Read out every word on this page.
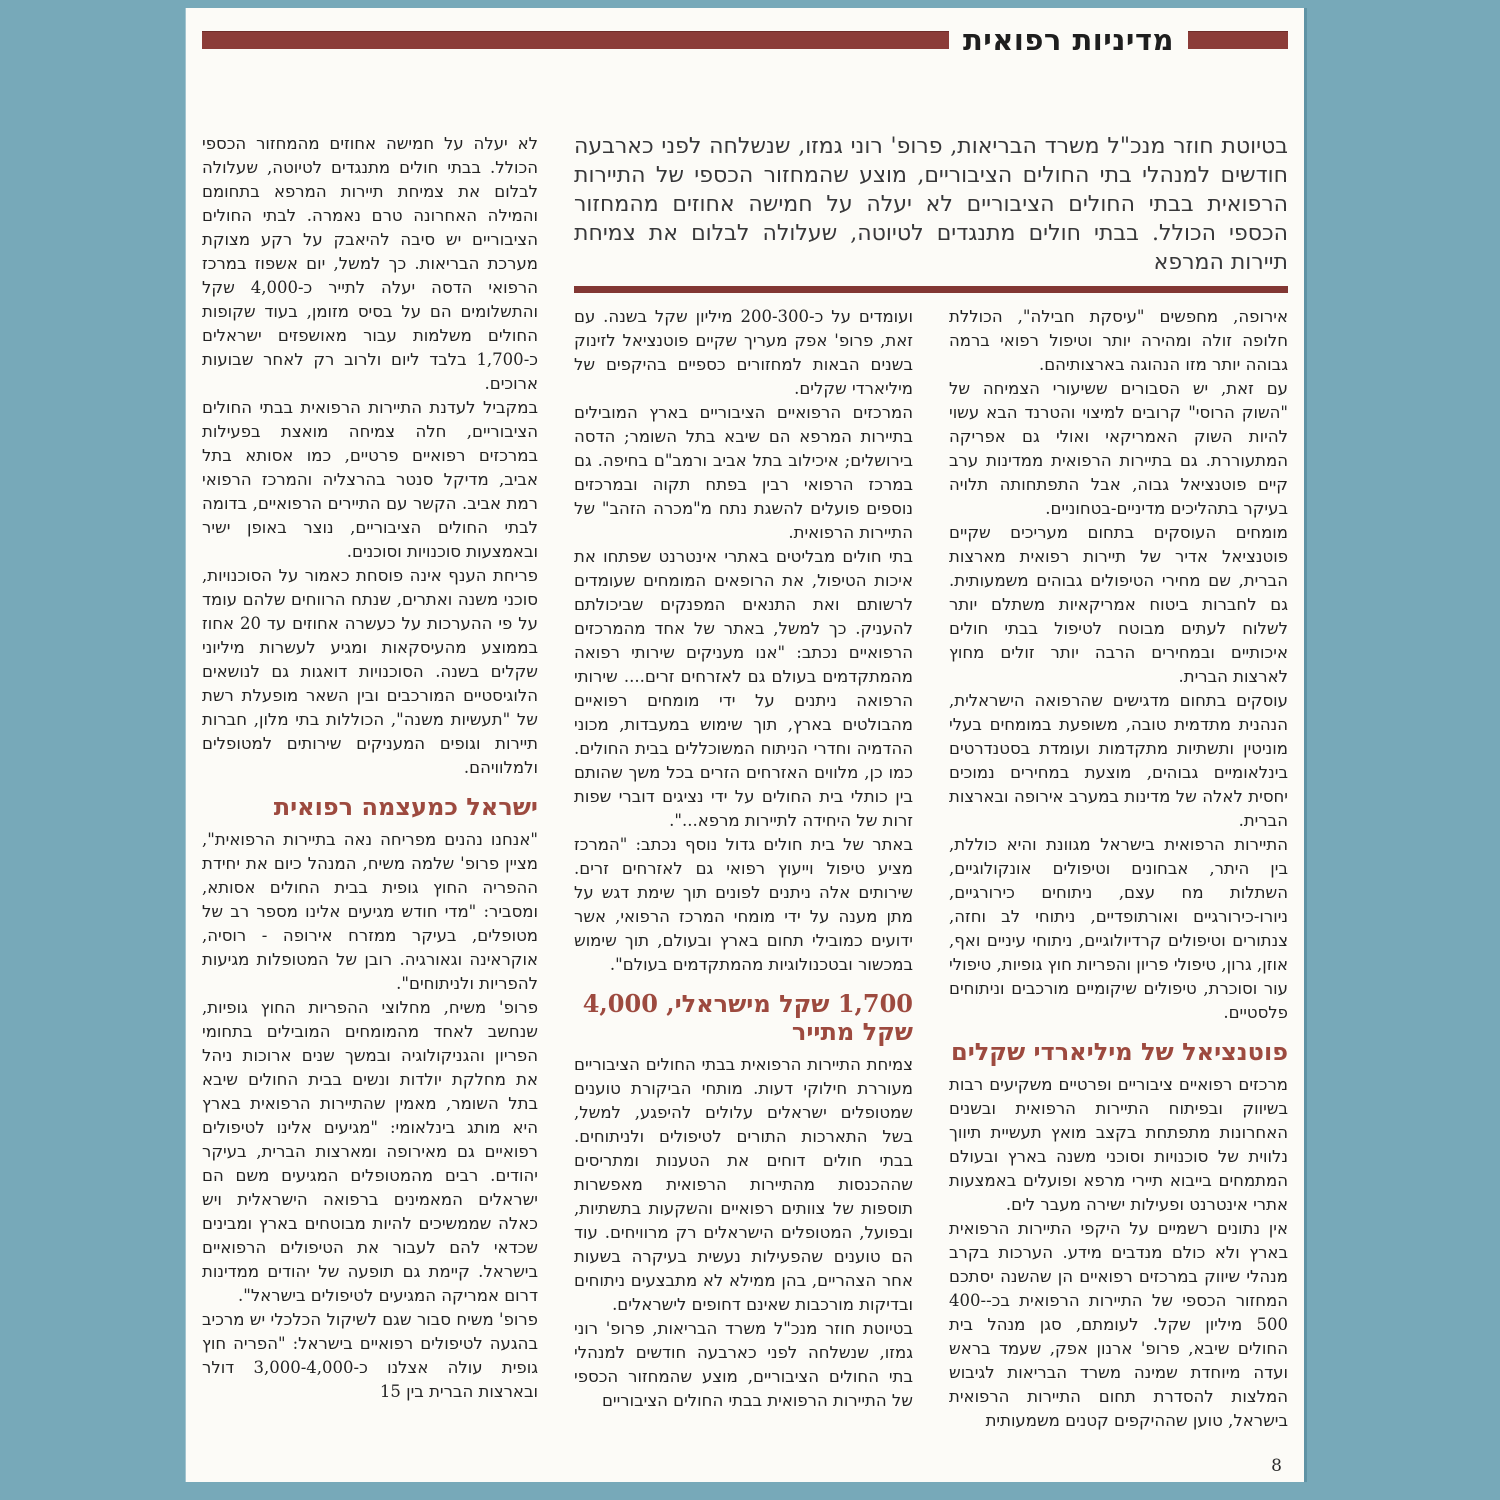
מדיניות רפואית

בטיוטת חוזר מנכ"ל משרד הבריאות, פרופ' רוני גמזו, שנשלחה לפני כארבעה חודשים למנהלי בתי החולים הציבוריים, מוצע שהמחזור הכספי של התיירות הרפואית בבתי החולים הציבוריים לא יעלה על חמישה אחוזים מהמחזור הכספי הכולל. בבתי חולים מתנגדים לטיוטה, שעלולה לבלום את צמיחת תיירות המרפא

אירופה, מחפשים "עיסקת חבילה", הכוללת חלופה זולה ומהירה יותר וטיפול רפואי ברמה גבוהה יותר מזו הנהוגה בארצותיהם.

עם זאת, יש הסבורים ששיעורי הצמיחה של "השוק הרוסי" קרובים למיצוי והטרנד הבא עשוי להיות השוק האמריקאי ואולי גם אפריקה המתעוררת. גם בתיירות הרפואית ממדינות ערב קיים פוטנציאל גבוה, אבל התפתחותה תלויה בעיקר בתהליכים מדיניים-בטחוניים.

מומחים העוסקים בתחום מעריכים שקיים פוטנציאל אדיר של תיירות רפואית מארצות הברית, שם מחירי הטיפולים גבוהים משמעותית. גם לחברות ביטוח אמריקאיות משתלם יותר לשלוח לעתים מבוטח לטיפול בבתי חולים איכותיים ובמחירים הרבה יותר זולים מחוץ לארצות הברית.

עוסקים בתחום מדגישים שהרפואה הישראלית, הנהנית מתדמית טובה, משופעת במומחים בעלי מוניטין ותשתיות מתקדמות ועומדת בסטנדרטים בינלאומיים גבוהים, מוצעת במחירים נמוכים יחסית לאלה של מדינות במערב אירופה ובארצות הברית.

התיירות הרפואית בישראל מגוונת והיא כוללת, בין היתר, אבחונים וטיפולים אונקולוגיים, השתלות מח עצם, ניתוחים כירורגיים, ניורו-כירורגיים ואורתופדיים, ניתוחי לב וחזה, צנתורים וטיפולים קרדיולוגיים, ניתוחי עיניים ואף, אוזן, גרון, טיפולי פריון והפריות חוץ גופיות, טיפולי עור וסוכרת, טיפולים שיקומיים מורכבים וניתוחים פלסטיים.

פוטנציאל של מיליארדי שקלים

מרכזים רפואיים ציבוריים ופרטיים משקיעים רבות בשיווק ובפיתוח התיירות הרפואית ובשנים האחרונות מתפתחת בקצב מואץ תעשיית תיווך נלווית של סוכנויות וסוכני משנה בארץ ובעולם המתמחים בייבוא תיירי מרפא ופועלים באמצעות אתרי אינטרנט ופעילות ישירה מעבר לים.

אין נתונים רשמיים על היקפי התיירות הרפואית בארץ ולא כולם מנדבים מידע. הערכות בקרב מנהלי שיווק במרכזים רפואיים הן שהשנה יסתכם המחזור הכספי של התיירות הרפואית בכ-400-500 מיליון שקל. לעומתם, סגן מנהל בית החולים שיבא, פרופ' ארנון אפק, שעמד בראש ועדה מיוחדת שמינה משרד הבריאות לגיבוש המלצות להסדרת תחום התיירות הרפואית בישראל, טוען שההיקפים קטנים משמעותית

ועומדים על כ-200-300 מיליון שקל בשנה. עם זאת, פרופ' אפק מעריך שקיים פוטנציאל לזינוק בשנים הבאות למחזורים כספיים בהיקפים של מיליארדי שקלים.

המרכזים הרפואיים הציבוריים בארץ המובילים בתיירות המרפא הם שיבא בתל השומר; הדסה בירושלים; איכילוב בתל אביב ורמב"ם בחיפה. גם במרכז הרפואי רבין בפתח תקוה ובמרכזים נוספים פועלים להשגת נתח מ"מכרה הזהב" של התיירות הרפואית.

בתי חולים מבליטים באתרי אינטרנט שפתחו את איכות הטיפול, את הרופאים המומחים שעומדים לרשותם ואת התנאים המפנקים שביכולתם להעניק. כך למשל, באתר של אחד מהמרכזים הרפואיים נכתב: "אנו מעניקים שירותי רפואה מהמתקדמים בעולם גם לאזרחים זרים.... שירותי הרפואה ניתנים על ידי מומחים רפואיים מהבולטים בארץ, תוך שימוש במעבדות, מכוני ההדמיה וחדרי הניתוח המשוכללים בבית החולים. כמו כן, מלווים האזרחים הזרים בכל משך שהותם בין כותלי בית החולים על ידי נציגים דוברי שפות זרות של היחידה לתיירות מרפא...".

באתר של בית חולים גדול נוסף נכתב: "המרכז מציע טיפול וייעוץ רפואי גם לאזרחים זרים. שירותים אלה ניתנים לפונים תוך שימת דגש על מתן מענה על ידי מומחי המרכז הרפואי, אשר ידועים כמובילי תחום בארץ ובעולם, תוך שימוש במכשור ובטכנולוגיות מהמתקדמים בעולם".

1,700 שקל מישראלי, 4,000 שקל מתייר

צמיחת התיירות הרפואית בבתי החולים הציבוריים מעוררת חילוקי דעות. מותחי הביקורת טוענים שמטופלים ישראלים עלולים להיפגע, למשל, בשל התארכות התורים לטיפולים ולניתוחים. בבתי חולים דוחים את הטענות ומתריסים שההכנסות מהתיירות הרפואית מאפשרות תוספות של צוותים רפואיים והשקעות בתשתיות, ובפועל, המטופלים הישראלים רק מרוויחים. עוד הם טוענים שהפעילות נעשית בעיקרה בשעות אחר הצהריים, בהן ממילא לא מתבצעים ניתוחים ובדיקות מורכבות שאינם דחופים לישראלים.

בטיוטת חוזר מנכ"ל משרד הבריאות, פרופ' רוני גמזו, שנשלחה לפני כארבעה חודשים למנהלי בתי החולים הציבוריים, מוצע שהמחזור הכספי של התיירות הרפואית בבתי החולים הציבוריים

לא יעלה על חמישה אחוזים מהמחזור הכספי הכולל. בבתי חולים מתנגדים לטיוטה, שעלולה לבלום את צמיחת תיירות המרפא בתחומם והמילה האחרונה טרם נאמרה. לבתי החולים הציבוריים יש סיבה להיאבק על רקע מצוקת מערכת הבריאות. כך למשל, יום אשפוז במרכז הרפואי הדסה יעלה לתייר כ-4,000 שקל והתשלומים הם על בסיס מזומן, בעוד שקופות החולים משלמות עבור מאושפזים ישראלים כ-1,700 בלבד ליום ולרוב רק לאחר שבועות ארוכים.

במקביל לעדנת התיירות הרפואית בבתי החולים הציבוריים, חלה צמיחה מואצת בפעילות במרכזים רפואיים פרטיים, כמו אסותא בתל אביב, מדיקל סנטר בהרצליה והמרכז הרפואי רמת אביב. הקשר עם התיירים הרפואיים, בדומה לבתי החולים הציבוריים, נוצר באופן ישיר ובאמצעות סוכנויות וסוכנים.

פריחת הענף אינה פוסחת כאמור על הסוכנויות, סוכני משנה ואתרים, שנתח הרווחים שלהם עומד על פי ההערכות על כעשרה אחוזים עד 20 אחוז בממוצע מהעיסקאות ומגיע לעשרות מיליוני שקלים בשנה. הסוכנויות דואגות גם לנושאים הלוגיסטיים המורכבים ובין השאר מופעלת רשת של "תעשיות משנה", הכוללות בתי מלון, חברות תיירות וגופים המעניקים שירותים למטופלים ולמלוויהם.

ישראל כמעצמה רפואית

"אנחנו נהנים מפריחה נאה בתיירות הרפואית", מציין פרופ' שלמה משיח, המנהל כיום את יחידת ההפריה החוץ גופית בבית החולים אסותא, ומסביר: "מדי חודש מגיעים אלינו מספר רב של מטופלים, בעיקר ממזרח אירופה - רוסיה, אוקראינה וגאורגיה. רובן של המטופלות מגיעות להפריות ולניתוחים".

פרופ' משיח, מחלוצי ההפריות החוץ גופיות, שנחשב לאחד מהמומחים המובילים בתחומי הפריון והגניקולוגיה ובמשך שנים ארוכות ניהל את מחלקת יולדות ונשים בבית החולים שיבא בתל השומר, מאמין שהתיירות הרפואית בארץ היא מותג בינלאומי: "מגיעים אלינו לטיפולים רפואיים גם מאירופה ומארצות הברית, בעיקר יהודים. רבים מהמטופלים המגיעים משם הם ישראלים המאמינים ברפואה הישראלית ויש כאלה שממשיכים להיות מבוטחים בארץ ומבינים שכדאי להם לעבור את הטיפולים הרפואיים בישראל. קיימת גם תופעה של יהודים ממדינות דרום אמריקה המגיעים לטיפולים בישראל".

פרופ' משיח סבור שגם לשיקול הכלכלי יש מרכיב בהגעה לטיפולים רפואיים בישראל: "הפריה חוץ גופית עולה אצלנו כ-3,000-4,000 דולר ובארצות הברית בין 15

8
